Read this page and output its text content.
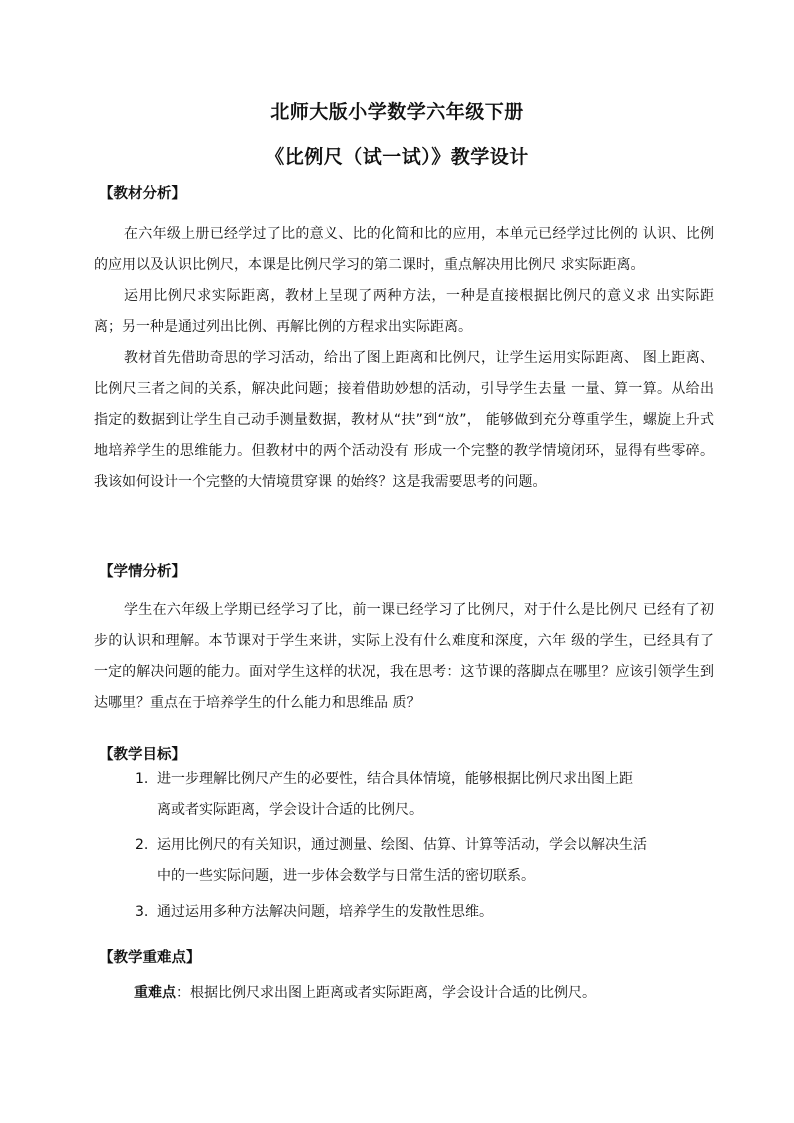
北师大版小学数学六年级下册
《比例尺（试一试）》教学设计
【教材分析】

在六年级上册已经学过了比的意义、比的化简和比的应用，本单元已经学过比例的 认识、比例的应用以及认识比例尺，本课是比例尺学习的第二课时，重点解决用比例尺 求实际距离。

运用比例尺求实际距离，教材上呈现了两种方法，一种是直接根据比例尺的意义求 出实际距离；另一种是通过列出比例、再解比例的方程求出实际距离。

教材首先借助奇思的学习活动，给出了图上距离和比例尺，让学生运用实际距离、 图上距离、比例尺三者之间的关系，解决此问题；接着借助妙想的活动，引导学生去量 一量、算一算。从给出指定的数据到让学生自己动手测量数据，教材从“扶”到“放”， 能够做到充分尊重学生，螺旋上升式地培养学生的思维能力。但教材中的两个活动没有 形成一个完整的教学情境闭环，显得有些零碎。我该如何设计一个完整的大情境贯穿课 的始终？这是我需要思考的问题。

【学情分析】

学生在六年级上学期已经学习了比，前一课已经学习了比例尺，对于什么是比例尺 已经有了初步的认识和理解。本节课对于学生来讲，实际上没有什么难度和深度，六年 级的学生，已经具有了一定的解决问题的能力。面对学生这样的状况，我在思考：这节课的落脚点在哪里？应该引领学生到达哪里？重点在于培养学生的什么能力和思维品 质？

【教学目标】
1. 进一步理解比例尺产生的必要性，结合具体情境，能够根据比例尺求出图上距
离或者实际距离，学会设计合适的比例尺。
2. 运用比例尺的有关知识，通过测量、绘图、估算、计算等活动，学会以解决生活
中的一些实际问题，进一步体会数学与日常生活的密切联系。
3. 通过运用多种方法解决问题，培养学生的发散性思维。
【教学重难点】

重难点：根据比例尺求出图上距离或者实际距离，学会设计合适的比例尺。
